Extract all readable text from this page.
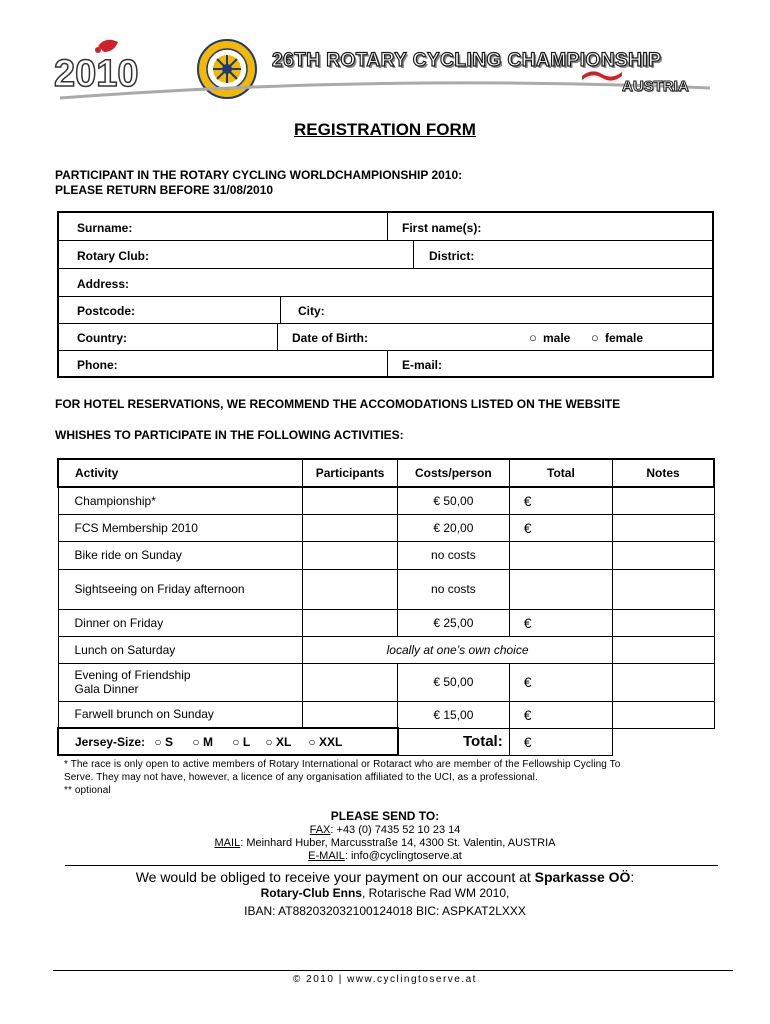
2010	26TH ROTARY CYCLING CHAMPIONSHIP
AUSTRIA
REGISTRATION FORM
PARTICIPANT IN THE ROTARY CYCLING WORLDCHAMPIONSHIP 2010:
PLEASE RETURN BEFORE 31/08/2010
Surname:	First name(s):
Rotary Club:	District:
Address:
Postcode:	City:
Country:	Date of Birth:	○ male ○ female
Phone:	E-mail:
FOR HOTEL RESERVATIONS, WE RECOMMEND THE ACCOMODATIONS LISTED ON THE WEBSITE
WHISHES TO PARTICIPATE IN THE FOLLOWING ACTIVITIES:
Activity	Participants	Costs/person	Total	Notes
Championship*		€ 50,00	€	
FCS Membership 2010		€ 20,00	€	
Bike ride on Sunday		no costs		
Sightseeing on Friday afternoon		no costs		
Dinner on Friday		€ 25,00	€	
Lunch on Saturday	locally at one’s own choice			

Evening of Friendship
Gala Dinner		€ 50,00	€	
Farwell brunch on Sunday		€ 15,00	€	
Jersey-Size: ○ S ○ M ○ L ○ XL ○ XXL		Total:	€	
* The race is only open to active members of Rotary International or Rotaract who are member of the Fellowship Cycling To
Serve. They may not have, however, a licence of any organisation affiliated to the UCI, as a professional.
** optional
PLEASE SEND TO:
FAX: +43 (0) 7435 52 10 23 14
MAIL: Meinhard Huber, Marcusstraße 14, 4300 St. Valentin, AUSTRIA
E-MAIL: info@cyclingtoserve.at
We would be obliged to receive your payment on our account at Sparkasse OÖ:
Rotary-Club Enns, Rotarische Rad WM 2010,
IBAN: AT882032032100124018 BIC: ASPKAT2LXXX
© 2010 | www.cyclingtoserve.at
